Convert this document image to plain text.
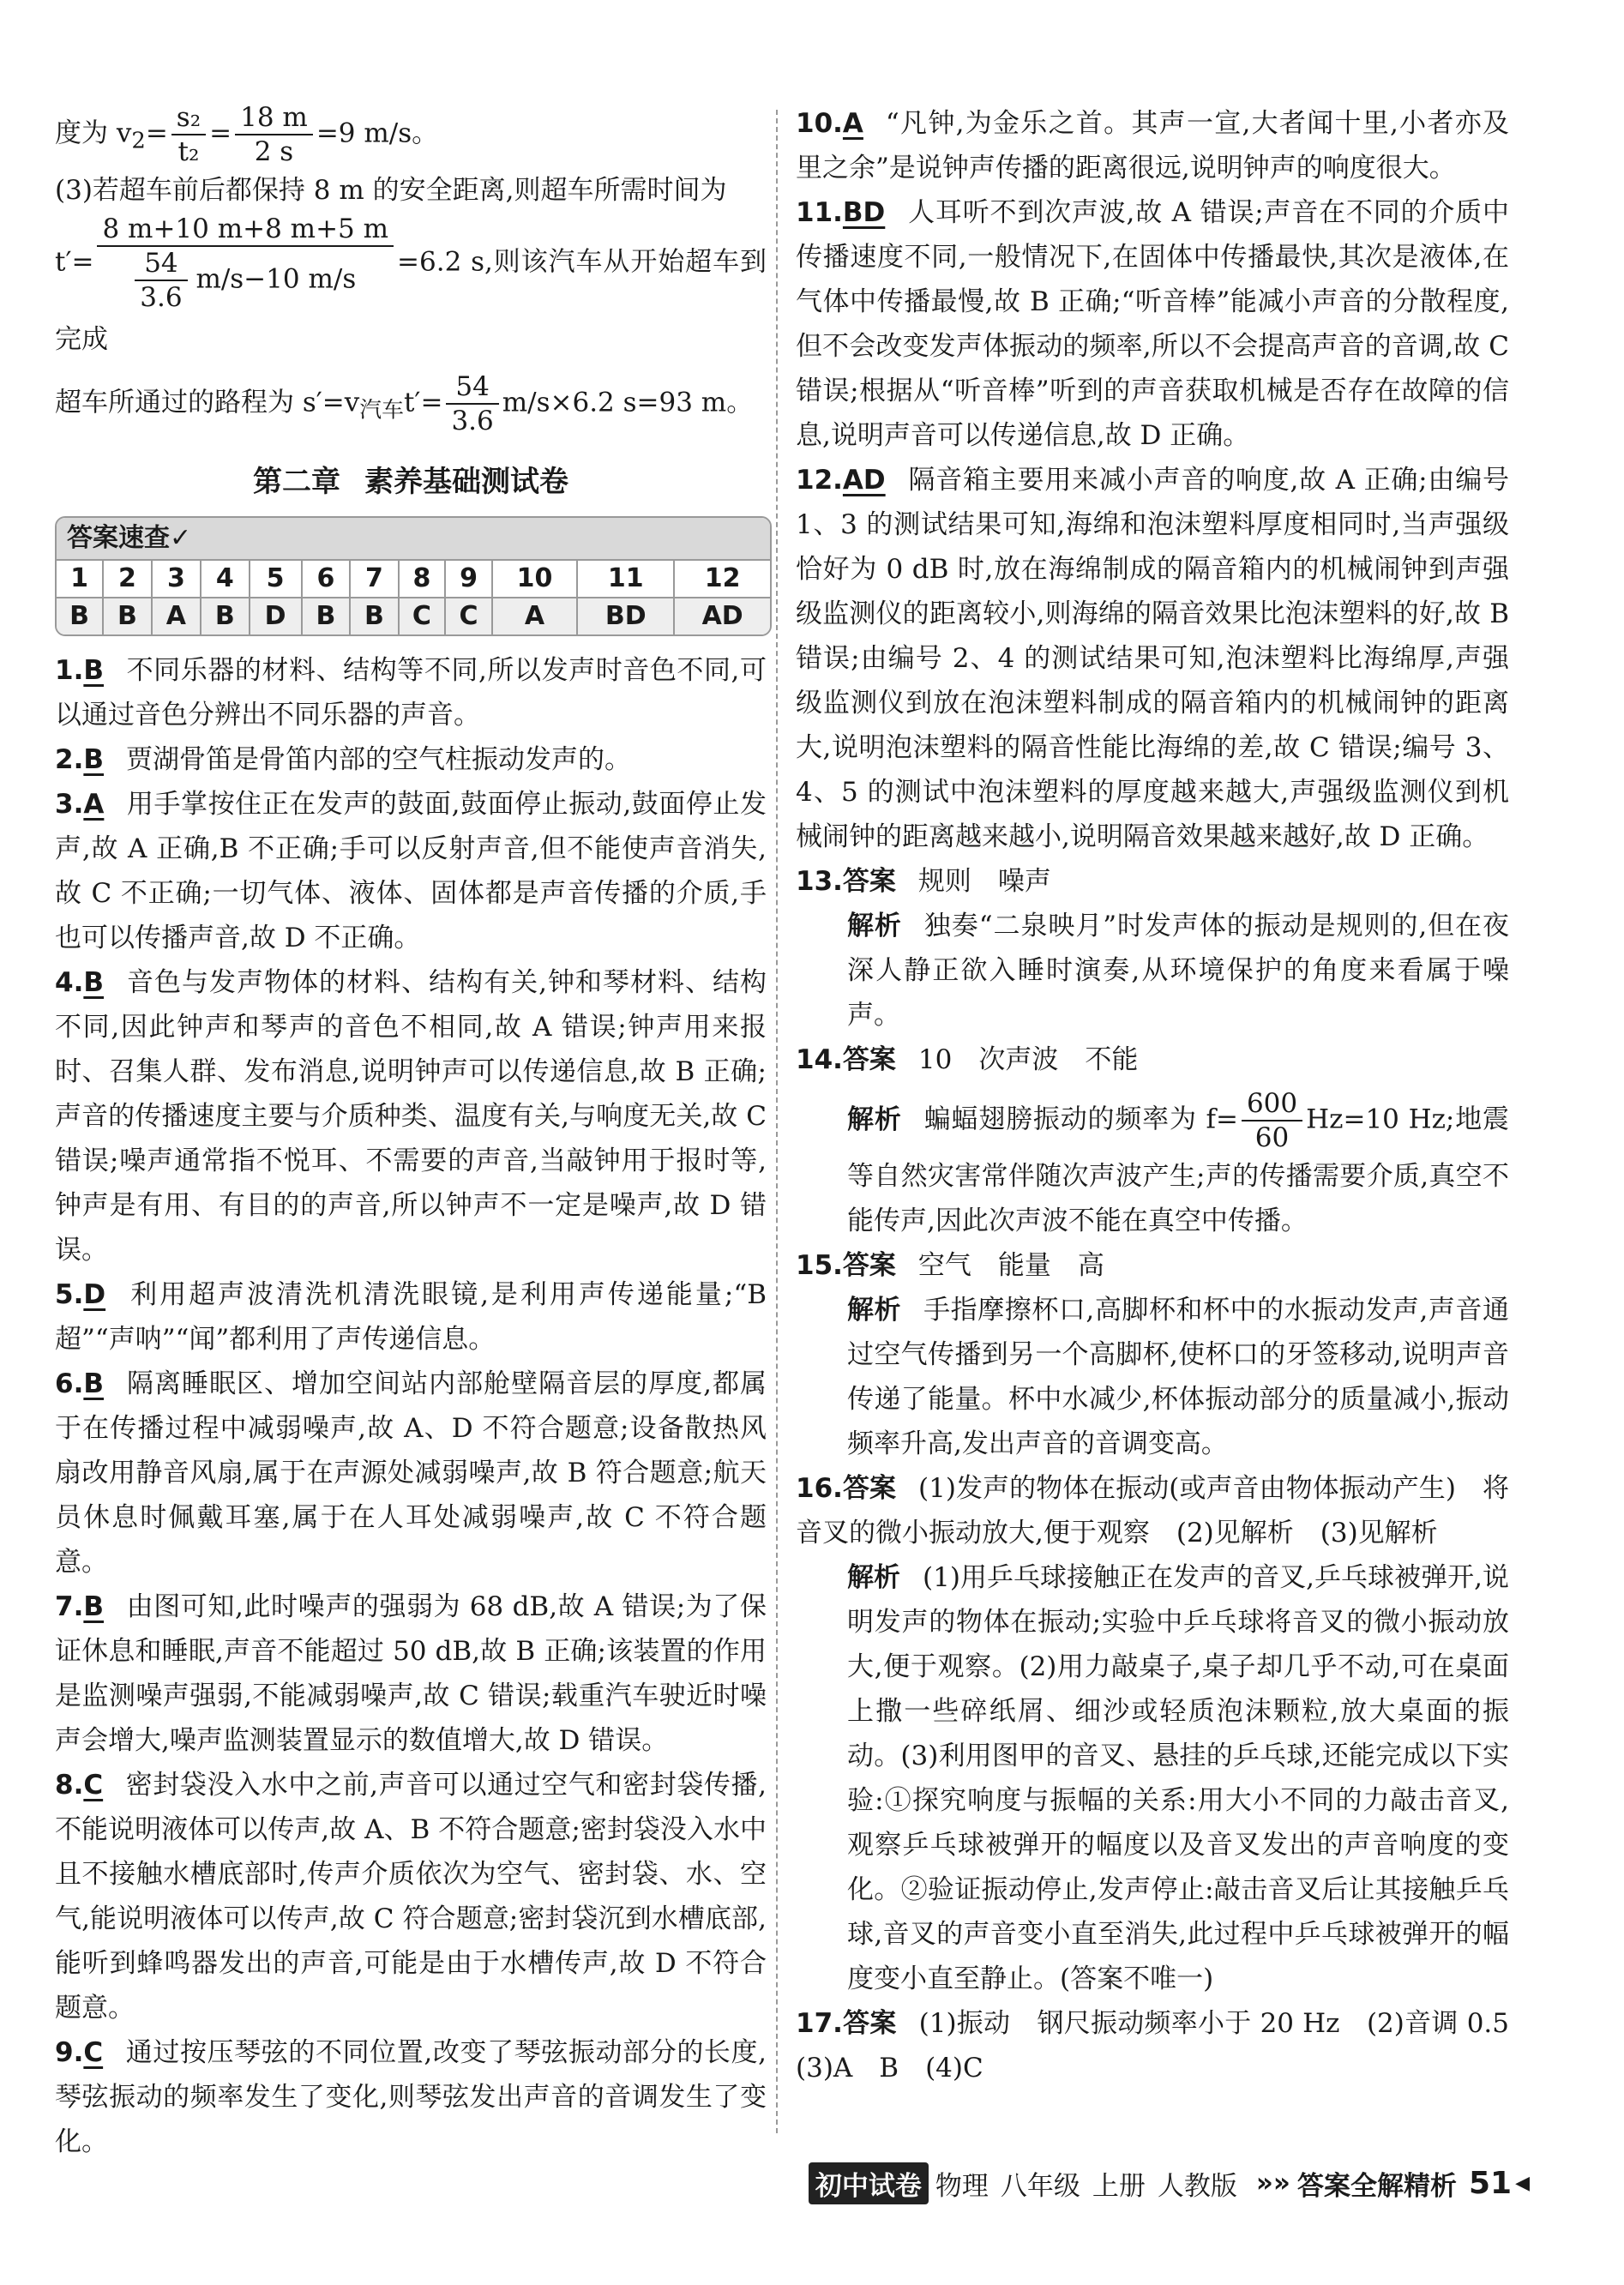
度为 $v_2= \frac{\text{s₂}}{\text{t₂}} = \frac{18 m}{2 s} =9$ m/s。

(3)若超车前后都保持 8 m 的安全距离,则超车所需时间为

$t'= \frac{8 m+10 m+8 m+5 m}{\frac{54}{3.6} m/s-10 m/s} =6.2$ s,则该汽车从开始超车到完成

超车所通过的路程为 $s'=v_{汽车}t'= \frac{54}{3.6} m/s\times 6.2$ s=93 m。

第二章 素养基础测试卷
答案速查✓
1	2	3	4	5	6	7	8	9	10	11	12
B	B	A	B	D	B	B	C	C	A	BD	AD

1.B 不同乐器的材料、结构等不同,所以发声时音色不同,可以通过音色分辨出不同乐器的声音。

2.B 贾湖骨笛是骨笛内部的空气柱振动发声的。

3.A 用手掌按住正在发声的鼓面,鼓面停止振动,鼓面停止发声,故 A 正确,B 不正确;手可以反射声音,但不能使声音消失,故 C 不正确;一切气体、液体、固体都是声音传播的介质,手也可以传播声音,故 D 不正确。

4.B 音色与发声物体的材料、结构有关,钟和琴材料、结构不同,因此钟声和琴声的音色不相同,故 A 错误;钟声用来报时、召集人群、发布消息,说明钟声可以传递信息,故 B 正确;声音的传播速度主要与介质种类、温度有关,与响度无关,故 C 错误;噪声通常指不悦耳、不需要的声音,当敲钟用于报时等,钟声是有用、有目的的声音,所以钟声不一定是噪声,故 D 错误。

5.D 利用超声波清洗机清洗眼镜,是利用声传递能量;“B超”“声呐”“闻”都利用了声传递信息。

6.B 隔离睡眠区、增加空间站内部舱壁隔音层的厚度,都属于在传播过程中减弱噪声,故 A、D 不符合题意;设备散热风扇改用静音风扇,属于在声源处减弱噪声,故 B 符合题意;航天员休息时佩戴耳塞,属于在人耳处减弱噪声,故 C 不符合题意。

7.B 由图可知,此时噪声的强弱为 68 dB,故 A 错误;为了保证休息和睡眠,声音不能超过 50 dB,故 B 正确;该装置的作用是监测噪声强弱,不能减弱噪声,故 C 错误;载重汽车驶近时噪声会增大,噪声监测装置显示的数值增大,故 D 错误。

8.C 密封袋没入水中之前,声音可以通过空气和密封袋传播,不能说明液体可以传声,故 A、B 不符合题意;密封袋没入水中且不接触水槽底部时,传声介质依次为空气、密封袋、水、空气,能说明液体可以传声,故 C 符合题意;密封袋沉到水槽底部,能听到蜂鸣器发出的声音,可能是由于水槽传声,故 D 不符合题意。

9.C 通过按压琴弦的不同位置,改变了琴弦振动部分的长度,琴弦振动的频率发生了变化,则琴弦发出声音的音调发生了变化。

10.A “凡钟,为金乐之首。其声一宣,大者闻十里,小者亦及里之余”是说钟声传播的距离很远,说明钟声的响度很大。

11.BD 人耳听不到次声波,故 A 错误;声音在不同的介质中传播速度不同,一般情况下,在固体中传播最快,其次是液体,在气体中传播最慢,故 B 正确;“听音棒”能减小声音的分散程度,但不会改变发声体振动的频率,所以不会提高声音的音调,故 C 错误;根据从“听音棒”听到的声音获取机械是否存在故障的信息,说明声音可以传递信息,故 D 正确。

12.AD 隔音箱主要用来减小声音的响度,故 A 正确;由编号 1、3 的测试结果可知,海绵和泡沫塑料厚度相同时,当声强级恰好为 0 dB 时,放在海绵制成的隔音箱内的机械闹钟到声强级监测仪的距离较小,则海绵的隔音效果比泡沫塑料的好,故 B 错误;由编号 2、4 的测试结果可知,泡沫塑料比海绵厚,声强级监测仪到放在泡沫塑料制成的隔音箱内的机械闹钟的距离大,说明泡沫塑料的隔音性能比海绵的差,故 C 错误;编号 3、4、5 的测试中泡沫塑料的厚度越来越大,声强级监测仪到机械闹钟的距离越来越小,说明隔音效果越来越好,故 D 正确。

13.答案 规则　噪声

解析 独奏“二泉映月”时发声体的振动是规则的,但在夜深人静正欲入睡时演奏,从环境保护的角度来看属于噪声。

14.答案 10　次声波　不能

解析 蝙蝠翅膀振动的频率为 $f= \frac{600}{60} Hz=10$ Hz;地震等自然灾害常伴随次声波产生;声的传播需要介质,真空不能传声,因此次声波不能在真空中传播。

15.答案 空气　能量　高

解析 手指摩擦杯口,高脚杯和杯中的水振动发声,声音通过空气传播到另一个高脚杯,使杯口的牙签移动,说明声音传递了能量。杯中水减少,杯体振动部分的质量减小,振动频率升高,发出声音的音调变高。

16.答案 (1)发声的物体在振动(或声音由物体振动产生)　将音叉的微小振动放大,便于观察　(2)见解析　(3)见解析

解析 (1)用乒乓球接触正在发声的音叉,乒乓球被弹开,说明发声的物体在振动;实验中乒乓球将音叉的微小振动放大,便于观察。(2)用力敲桌子,桌子却几乎不动,可在桌面上撒一些碎纸屑、细沙或轻质泡沫颗粒,放大桌面的振动。(3)利用图甲的音叉、悬挂的乒乓球,还能完成以下实验:①探究响度与振幅的关系:用大小不同的力敲击音叉,观察乒乓球被弹开的幅度以及音叉发出的声音响度的变化。②验证振动停止,发声停止:敲击音叉后让其接触乒乓球,音叉的声音变小直至消失,此过程中乒乓球被弹开的幅度变小直至静止。(答案不唯一)

17.答案 (1)振动　钢尺振动频率小于 20 Hz　(2)音调 0.5　(3)A　B　(4)C

初中试卷 物理 八年级 上册 人教版 »» 答案全解精析 51 ◀
